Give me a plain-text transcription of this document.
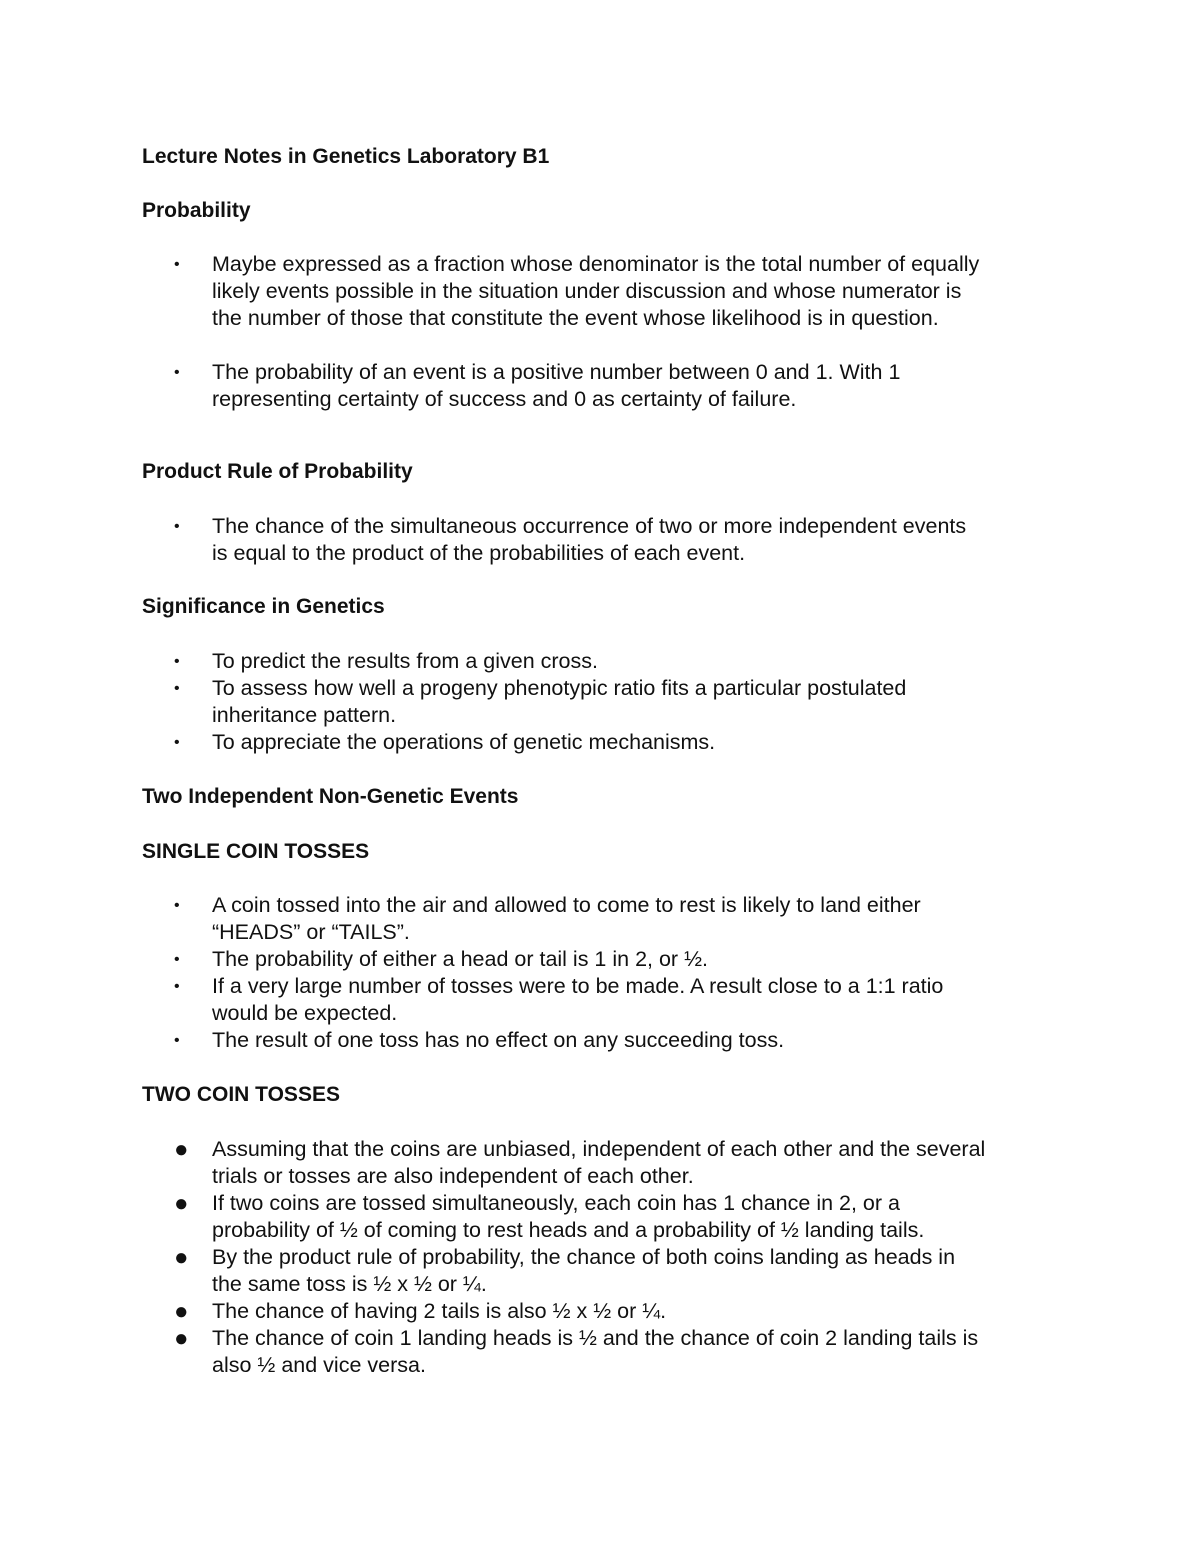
Lecture Notes in Genetics Laboratory B1
Probability
•	Maybe expressed as a fraction whose denominator is the total number of equally
likely events possible in the situation under discussion and whose numerator is
the number of those that constitute the event whose likelihood is in question.
•	The probability of an event is a positive number between 0 and 1. With 1
representing certainty of success and 0 as certainty of failure.
Product Rule of Probability
•	The chance of the simultaneous occurrence of two or more independent events
is equal to the product of the probabilities of each event.
Significance in Genetics
•	To predict the results from a given cross.
•	To assess how well a progeny phenotypic ratio fits a particular postulated
inheritance pattern.
•	To appreciate the operations of genetic mechanisms.
Two Independent Non-Genetic Events
SINGLE COIN TOSSES
•	A coin tossed into the air and allowed to come to rest is likely to land either
“HEADS” or “TAILS”.
•	The probability of either a head or tail is 1 in 2, or ½.
•	If a very large number of tosses were to be made. A result close to a 1:1 ratio
would be expected.
•	The result of one toss has no effect on any succeeding toss.
TWO COIN TOSSES
● Assuming that the coins are unbiased, independent of each other and the several
trials or tosses are also independent of each other.
● If two coins are tossed simultaneously, each coin has 1 chance in 2, or a
probability of ½ of coming to rest heads and a probability of ½ landing tails.
● By the product rule of probability, the chance of both coins landing as heads in
the same toss is ½ x ½ or ¼.
● The chance of having 2 tails is also ½ x ½ or ¼.
● The chance of coin 1 landing heads is ½ and the chance of coin 2 landing tails is
also ½ and vice versa.
